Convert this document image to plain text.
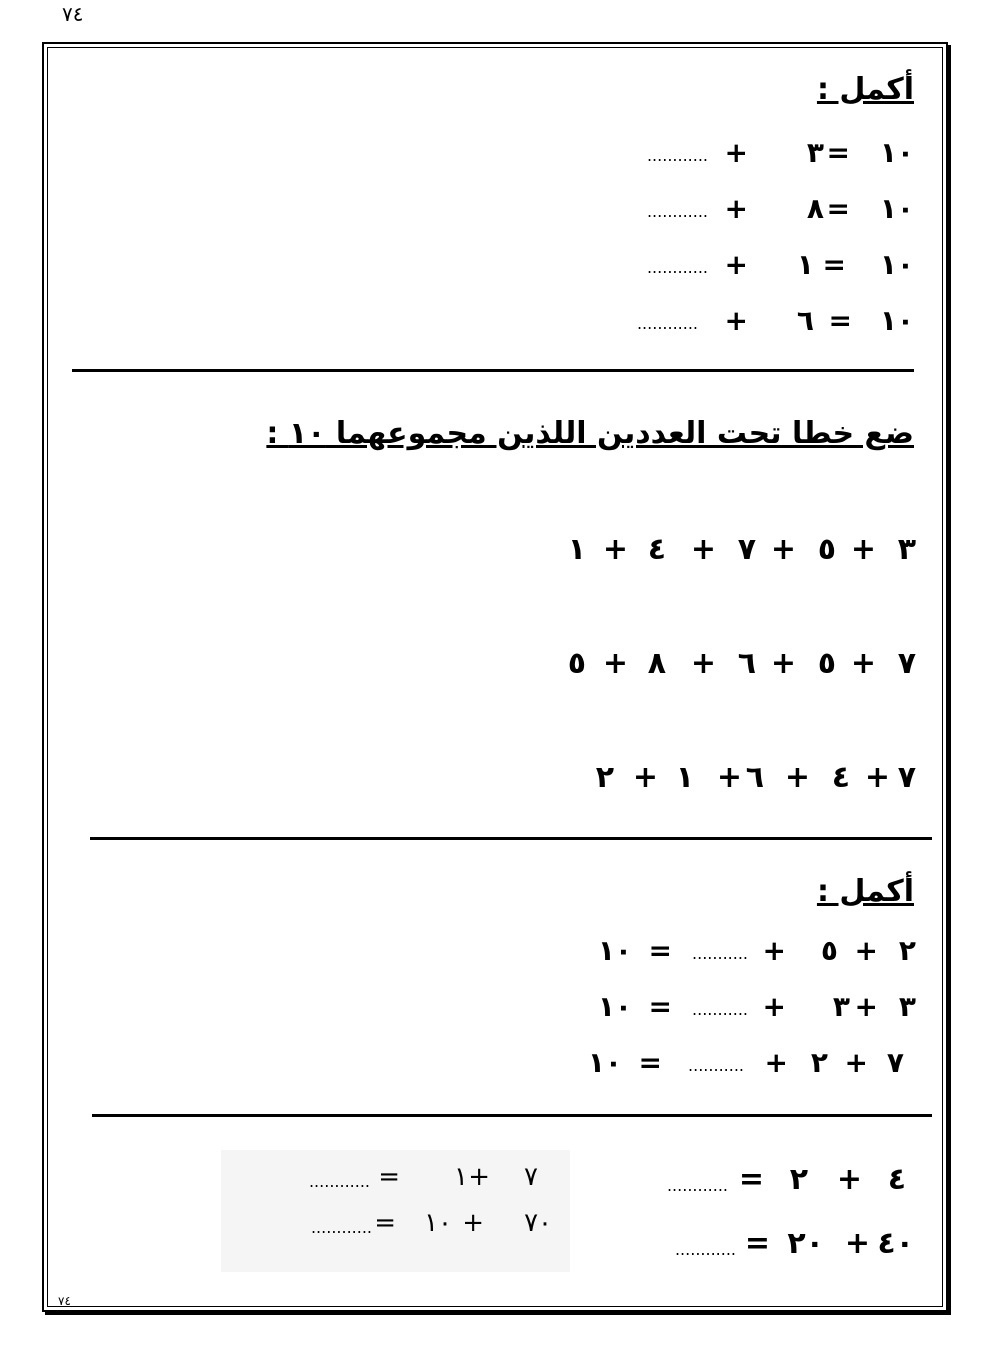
٧٤
أكمل :
١٠
=
٣
+
............
١٠
=
٨
+
............
١٠
=
١
+
............
١٠
=
٦
+
............
ضع خطا تحت العددين اللذين مجموعهما ١٠ :
٣
+
٥
+
٧
+
٤
+
١
٧
+
٥
+
٦
+
٨
+
٥
٧
+
٤
+
٦
+
١
+
٢
أكمل :
٢
+
٥
+
...........
=
١٠
٣
+
٣
+
...........
=
١٠
٧
+
٢
+
...........
=
١٠
٤
+
٢
=
............
٤٠
+
٢٠
=
............
٧
+
١
=
............
٧٠
+
١٠
=
............
٧٤
